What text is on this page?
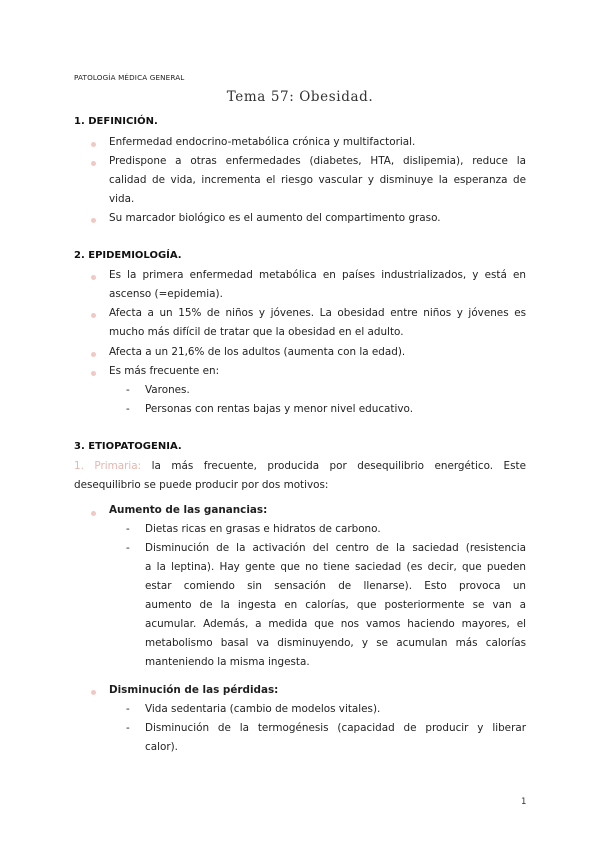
PATOLOGÍA MÉDICA GENERAL
Tema 57: Obesidad.
1. DEFINICIÓN.
Enfermedad endocrino-metabólica crónica y multifactorial.
Predispone a otras enfermedades (diabetes, HTA, dislipemia), reduce la
calidad de vida, incrementa el riesgo vascular y disminuye la esperanza de
vida.
Su marcador biológico es el aumento del compartimento graso.
2. EPIDEMIOLOGÍA.
Es la primera enfermedad metabólica en países industrializados, y está en
ascenso (=epidemia).
Afecta a un 15% de niños y jóvenes. La obesidad entre niños y jóvenes es
mucho más difícil de tratar que la obesidad en el adulto.
Afecta a un 21,6% de los adultos (aumenta con la edad).
Es más frecuente en:
- Varones.
- Personas con rentas bajas y menor nivel educativo.
3. ETIOPATOGENIA.
1. Primaria: la más frecuente, producida por desequilibrio energético. Este
desequilibrio se puede producir por dos motivos:
Aumento de las ganancias:
- Dietas ricas en grasas e hidratos de carbono.
- Disminución de la activación del centro de la saciedad (resistencia
a la leptina). Hay gente que no tiene saciedad (es decir, que pueden
estar comiendo sin sensación de llenarse). Esto provoca un
aumento de la ingesta en calorías, que posteriormente se van a
acumular. Además, a medida que nos vamos haciendo mayores, el
metabolismo basal va disminuyendo, y se acumulan más calorías
manteniendo la misma ingesta.
Disminución de las pérdidas:
- Vida sedentaria (cambio de modelos vitales).
- Disminución de la termogénesis (capacidad de producir y liberar
calor).
1
